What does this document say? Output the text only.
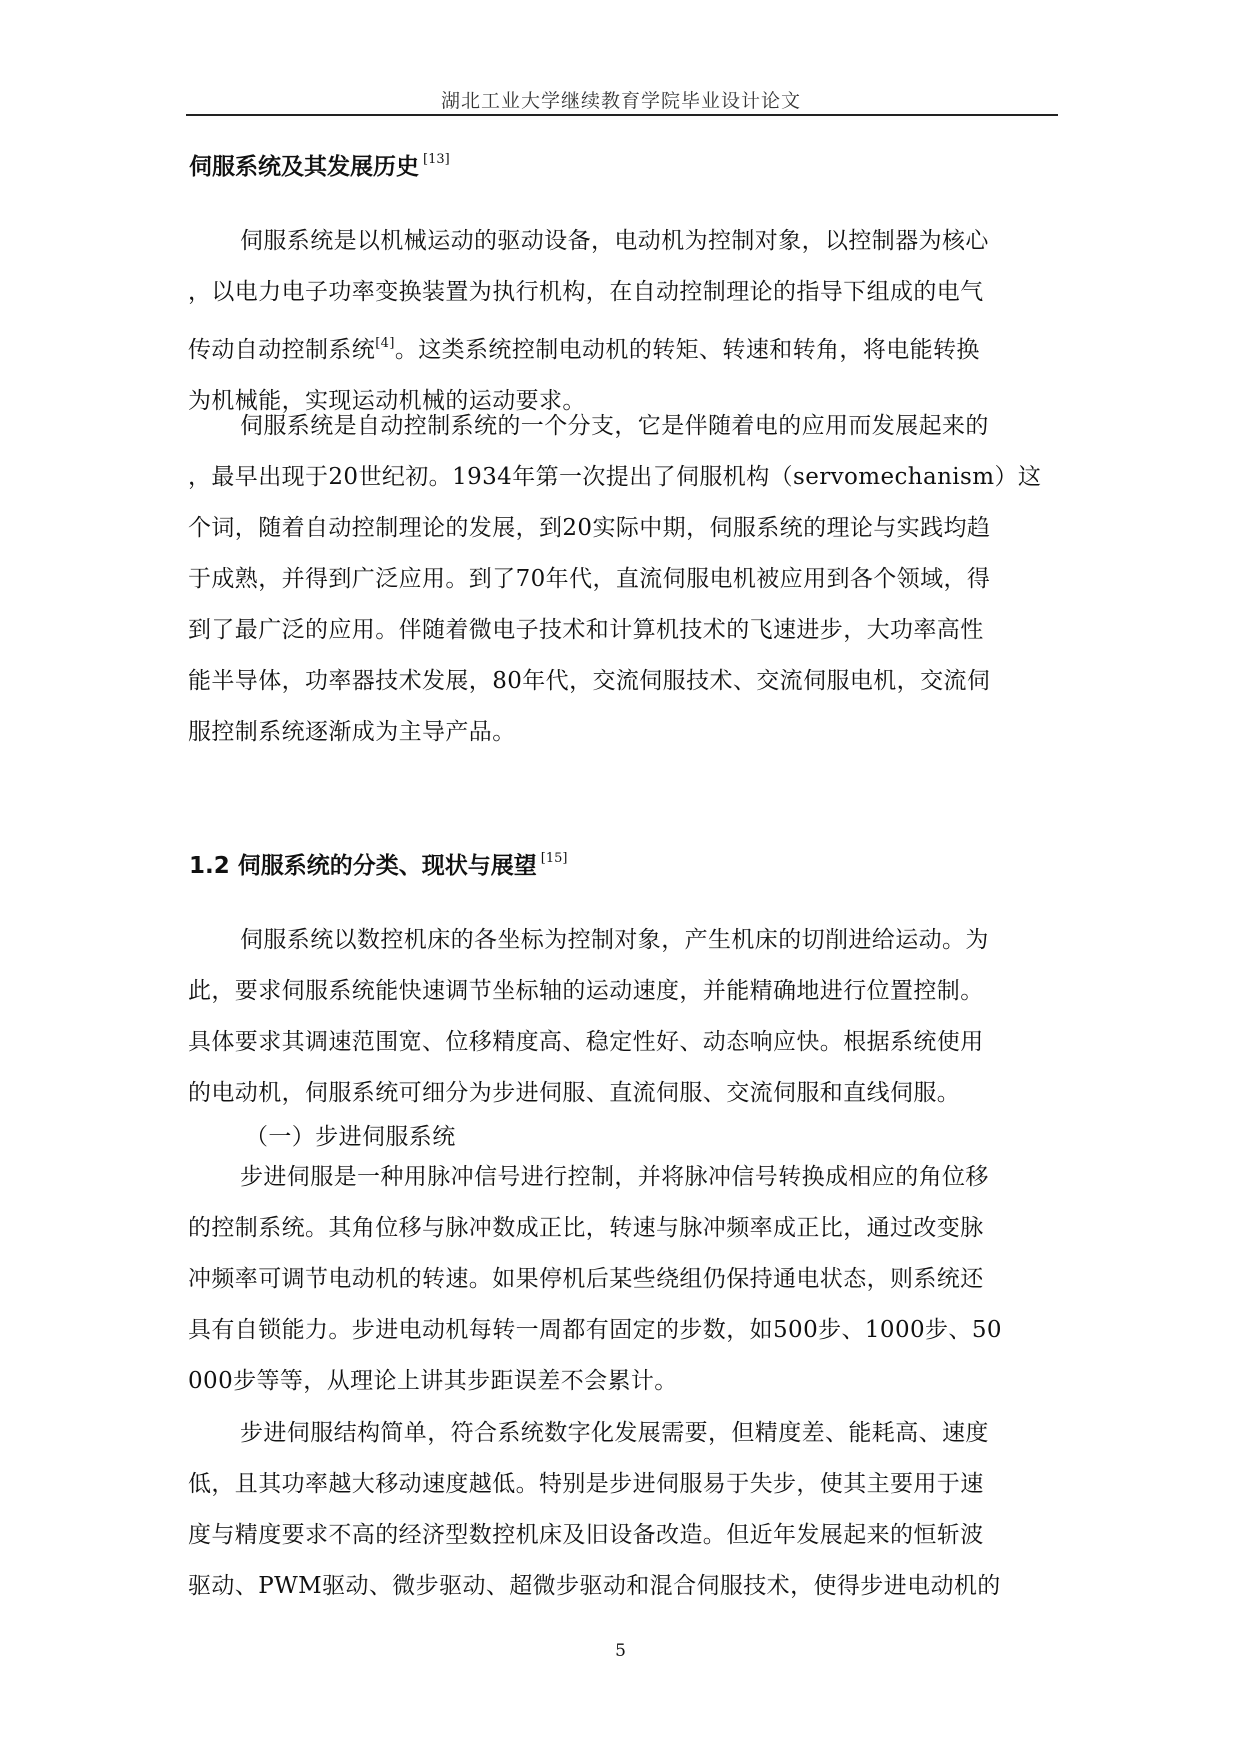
湖北工业大学继续教育学院毕业设计论文
伺服系统及其发展历史 [13]
伺服系统是以机械运动的驱动设备，电动机为控制对象，以控制器为核心
，以电力电子功率变换装置为执行机构，在自动控制理论的指导下组成的电气
传动自动控制系统[4]。这类系统控制电动机的转矩、转速和转角，将电能转换
为机械能，实现运动机械的运动要求。
伺服系统是自动控制系统的一个分支，它是伴随着电的应用而发展起来的
，最早出现于20世纪初。1934年第一次提出了伺服机构（servomechanism）这
个词，随着自动控制理论的发展，到20实际中期，伺服系统的理论与实践均趋
于成熟，并得到广泛应用。到了70年代，直流伺服电机被应用到各个领域，得
到了最广泛的应用。伴随着微电子技术和计算机技术的飞速进步，大功率高性
能半导体，功率器技术发展，80年代，交流伺服技术、交流伺服电机，交流伺
服控制系统逐渐成为主导产品。
1.2 伺服系统的分类、现状与展望 [15]
伺服系统以数控机床的各坐标为控制对象，产生机床的切削进给运动。为
此，要求伺服系统能快速调节坐标轴的运动速度，并能精确地进行位置控制。
具体要求其调速范围宽、位移精度高、稳定性好、动态响应快。根据系统使用
的电动机，伺服系统可细分为步进伺服、直流伺服、交流伺服和直线伺服。
（一）步进伺服系统
步进伺服是一种用脉冲信号进行控制，并将脉冲信号转换成相应的角位移
的控制系统。其角位移与脉冲数成正比，转速与脉冲频率成正比，通过改变脉
冲频率可调节电动机的转速。如果停机后某些绕组仍保持通电状态，则系统还
具有自锁能力。步进电动机每转一周都有固定的步数，如500步、1000步、50
000步等等，从理论上讲其步距误差不会累计。
步进伺服结构简单，符合系统数字化发展需要，但精度差、能耗高、速度
低，且其功率越大移动速度越低。特别是步进伺服易于失步，使其主要用于速
度与精度要求不高的经济型数控机床及旧设备改造。但近年发展起来的恒斩波
驱动、PWM驱动、微步驱动、超微步驱动和混合伺服技术，使得步进电动机的
5
